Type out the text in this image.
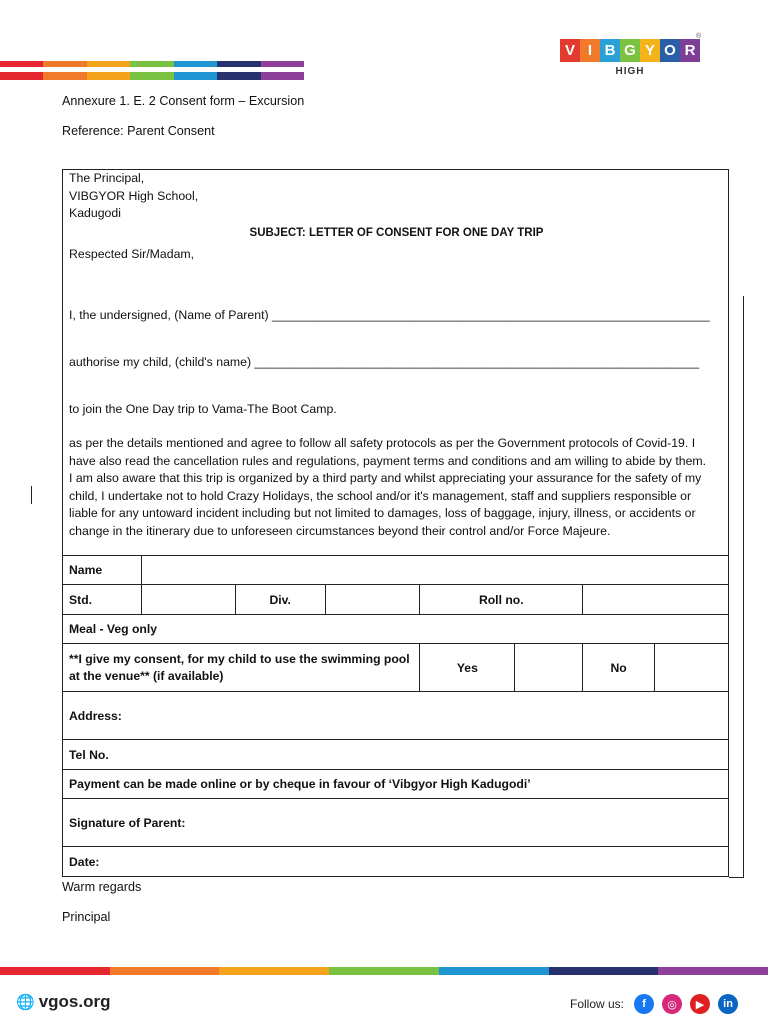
V I B G Y O R
HIGH
®
Annexure 1. E. 2 Consent form – Excursion
Reference: Parent Consent
The Principal,
VIBGYOR High School,
Kadugodi
SUBJECT: LETTER OF CONSENT FOR ONE DAY TRIP
Respected Sir/Madam,
I, the undersigned, (Name of Parent) ________________________________________________________________
authorise my child, (child's name) _________________________________________________________________
to join the One Day trip to Vama-The Boot Camp.
as per the details mentioned and agree to follow all safety protocols as per the Government protocols of Covid-19. I
have also read the cancellation rules and regulations, payment terms and conditions and am willing to abide by them.
I am also aware that this trip is organized by a third party and whilst appreciating your assurance for the safety of my
child, I undertake not to hold Crazy Holidays, the school and/or it's management, staff and suppliers responsible or
liable for any untoward incident including but not limited to damages, loss of baggage, injury, illness, or accidents or
change in the itinerary due to unforeseen circumstances beyond their control and/or Force Majeure.
Name							
Std.		Div.		Roll no.			
Meal - Veg only							

**I give my consent, for my child to use the swimming pool
at the venue** (if available)				Yes		No	
Address:							
Tel No.							
Payment can be made online or by cheque in favour of ‘Vibgyor High Kadugodi’							
Signature of Parent:							
Date:							
Warm regards
Principal
🌐 vgos.org	Follow us:	f	◎	▶	in
